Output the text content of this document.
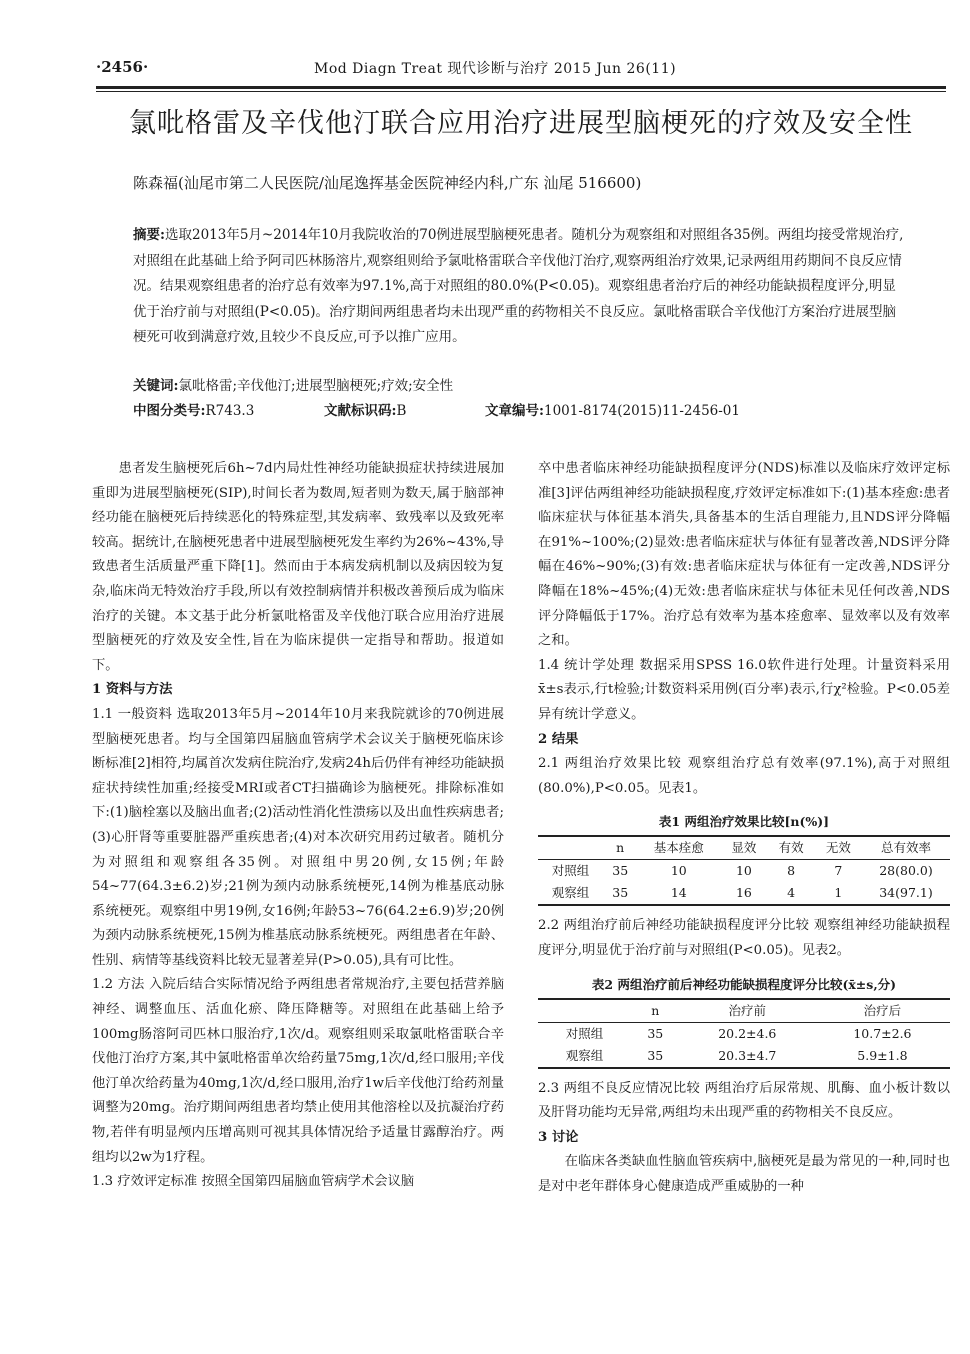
·2456·	Mod Diagn Treat 现代诊断与治疗 2015 Jun 26(11)
氯吡格雷及辛伐他汀联合应用治疗进展型脑梗死的疗效及安全性
陈森福(汕尾市第二人民医院/汕尾逸挥基金医院神经内科,广东 汕尾 516600)
摘要:选取2013年5月~2014年10月我院收治的70例进展型脑梗死患者。随机分为观察组和对照组各35例。两组均接受常规治疗,对照组在此基础上给予阿司匹林肠溶片,观察组则给予氯吡格雷联合辛伐他汀治疗,观察两组治疗效果,记录两组用药期间不良反应情况。结果观察组患者的治疗总有效率为97.1%,高于对照组的80.0%(P<0.05)。观察组患者治疗后的神经功能缺损程度评分,明显优于治疗前与对照组(P<0.05)。治疗期间两组患者均未出现严重的药物相关不良反应。氯吡格雷联合辛伐他汀方案治疗进展型脑梗死可收到满意疗效,且较少不良反应,可予以推广应用。
关键词:氯吡格雷;辛伐他汀;进展型脑梗死;疗效;安全性
中图分类号:R743.3	文献标识码:B	文章编号:1001-8174(2015)11-2456-01

患者发生脑梗死后6h~7d内局灶性神经功能缺损症状持续进展加重即为进展型脑梗死(SIP),时间长者为数周,短者则为数天,属于脑部神经功能在脑梗死后持续恶化的特殊症型,其发病率、致残率以及致死率较高。据统计,在脑梗死患者中进展型脑梗死发生率约为26%~43%,导致患者生活质量严重下降[1]。然而由于本病发病机制以及病因较为复杂,临床尚无特效治疗手段,所以有效控制病情并积极改善预后成为临床治疗的关键。本文基于此分析氯吡格雷及辛伐他汀联合应用治疗进展型脑梗死的疗效及安全性,旨在为临床提供一定指导和帮助。报道如下。

1 资料与方法

1.1 一般资料 选取2013年5月~2014年10月来我院就诊的70例进展型脑梗死患者。均与全国第四届脑血管病学术会议关于脑梗死临床诊断标准[2]相符,均属首次发病住院治疗,发病24h后仍伴有神经功能缺损症状持续性加重;经接受MRI或者CT扫描确诊为脑梗死。排除标准如下:(1)脑栓塞以及脑出血者;(2)活动性消化性溃疡以及出血性疾病患者;(3)心肝肾等重要脏器严重疾患者;(4)对本次研究用药过敏者。随机分为对照组和观察组各35例。对照组中男20例,女15例;年龄54~77(64.3±6.2)岁;21例为颈内动脉系统梗死,14例为椎基底动脉系统梗死。观察组中男19例,女16例;年龄53~76(64.2±6.9)岁;20例为颈内动脉系统梗死,15例为椎基底动脉系统梗死。两组患者在年龄、性别、病情等基线资料比较无显著差异(P>0.05),具有可比性。

1.2 方法 入院后结合实际情况给予两组患者常规治疗,主要包括营养脑神经、调整血压、活血化瘀、降压降糖等。对照组在此基础上给予100mg肠溶阿司匹林口服治疗,1次/d。观察组则采取氯吡格雷联合辛伐他汀治疗方案,其中氯吡格雷单次给药量75mg,1次/d,经口服用;辛伐他汀单次给药量为40mg,1次/d,经口服用,治疗1w后辛伐他汀给药剂量调整为20mg。治疗期间两组患者均禁止使用其他溶栓以及抗凝治疗药物,若伴有明显颅内压增高则可视其具体情况给予适量甘露醇治疗。两组均以2w为1疗程。

1.3 疗效评定标准 按照全国第四届脑血管病学术会议脑

卒中患者临床神经功能缺损程度评分(NDS)标准以及临床疗效评定标准[3]评估两组神经功能缺损程度,疗效评定标准如下:(1)基本痊愈:患者临床症状与体征基本消失,具备基本的生活自理能力,且NDS评分降幅在91%~100%;(2)显效:患者临床症状与体征有显著改善,NDS评分降幅在46%~90%;(3)有效:患者临床症状与体征有一定改善,NDS评分降幅在18%~45%;(4)无效:患者临床症状与体征未见任何改善,NDS评分降幅低于17%。治疗总有效率为基本痊愈率、显效率以及有效率之和。

1.4 统计学处理 数据采用SPSS 16.0软件进行处理。计量资料采用x̄±s表示,行t检验;计数资料采用例(百分率)表示,行χ²检验。P<0.05差异有统计学意义。

2 结果

2.1 两组治疗效果比较 观察组治疗总有效率(97.1%),高于对照组(80.0%),P<0.05。见表1。

表1 两组治疗效果比较[n(%)]
	n	基本痊愈	显效	有效	无效	总有效率
对照组	35	10	10	8	7	28(80.0)
观察组	35	14	16	4	1	34(97.1)

2.2 两组治疗前后神经功能缺损程度评分比较 观察组神经功能缺损程度评分,明显优于治疗前与对照组(P<0.05)。见表2。

表2 两组治疗前后神经功能缺损程度评分比较(x̄±s,分)
	n	治疗前	治疗后
对照组	35	20.2±4.6	10.7±2.6
观察组	35	20.3±4.7	5.9±1.8

2.3 两组不良反应情况比较 两组治疗后尿常规、肌酶、血小板计数以及肝肾功能均无异常,两组均未出现严重的药物相关不良反应。

3 讨论

在临床各类缺血性脑血管疾病中,脑梗死是最为常见的一种,同时也是对中老年群体身心健康造成严重威胁的一种
